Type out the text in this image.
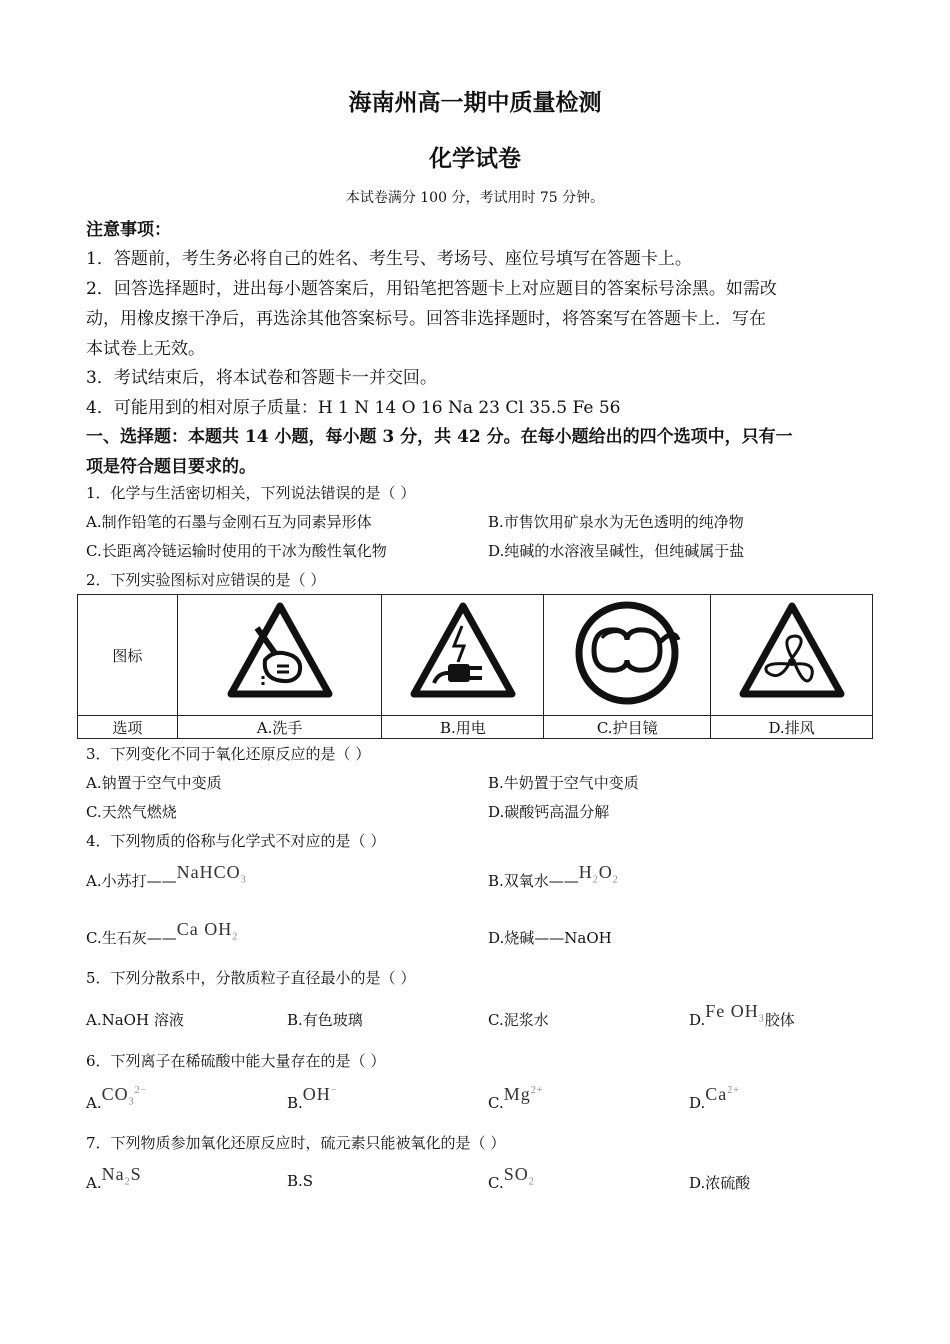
海南州高一期中质量检测
化学试卷
本试卷满分 100 分，考试用时 75 分钟。
注意事项：
1．答题前，考生务必将自己的姓名、考生号、考场号、座位号填写在答题卡上。
2．回答选择题时，进出每小题答案后，用铅笔把答题卡上对应题目的答案标号涂黑。如需改
动，用橡皮擦干净后，再选涂其他答案标号。回答非选择题时，将答案写在答题卡上．写在
本试卷上无效。
3．考试结束后，将本试卷和答题卡一并交回。
4．可能用到的相对原子质量：H 1 N 14 O 16 Na 23 Cl 35.5 Fe 56
一、选择题：本题共 14 小题，每小题 3 分，共 42 分。在每小题给出的四个选项中，只有一
项是符合题目要求的。
1．化学与生活密切相关，下列说法错误的是（ ）
A.制作铅笔的石墨与金刚石互为同素异形体	B.市售饮用矿泉水为无色透明的纯净物
C.长距离冷链运输时使用的干冰为酸性氧化物	D.纯碱的水溶液呈碱性，但纯碱属于盐
2．下列实验图标对应错误的是（ ）
图标				
选项	A.洗手	B.用电	C.护目镜	D.排风
3．下列变化不同于氧化还原反应的是（ ）
A.钠置于空气中变质	B.牛奶置于空气中变质
C.天然气燃烧	D.碳酸钙高温分解
4．下列物质的俗称与化学式不对应的是（ ）
A.小苏打——NaHCO$_3$	B.双氧水$——H_2O_2$
C.生石灰——Ca $OH_2$	D.烧碱——NaOH
5．下列分散系中，分散质粒子直径最小的是（ ）
A.NaOH 溶液	B.有色玻璃	C.泥浆水	D.Fe $OH_3$胶体
6．下列离子在稀硫酸中能大量存在的是（ ）
$A.CO_3^{2-}$
B.OH−
$C.Mg^{2+}$
$D.Ca^{2+}$
7．下列物质参加氧化还原反应时，硫元素只能被氧化的是（ ）
$A.Na_2S$	B.S	$C.SO_2$	D.浓硫酸
